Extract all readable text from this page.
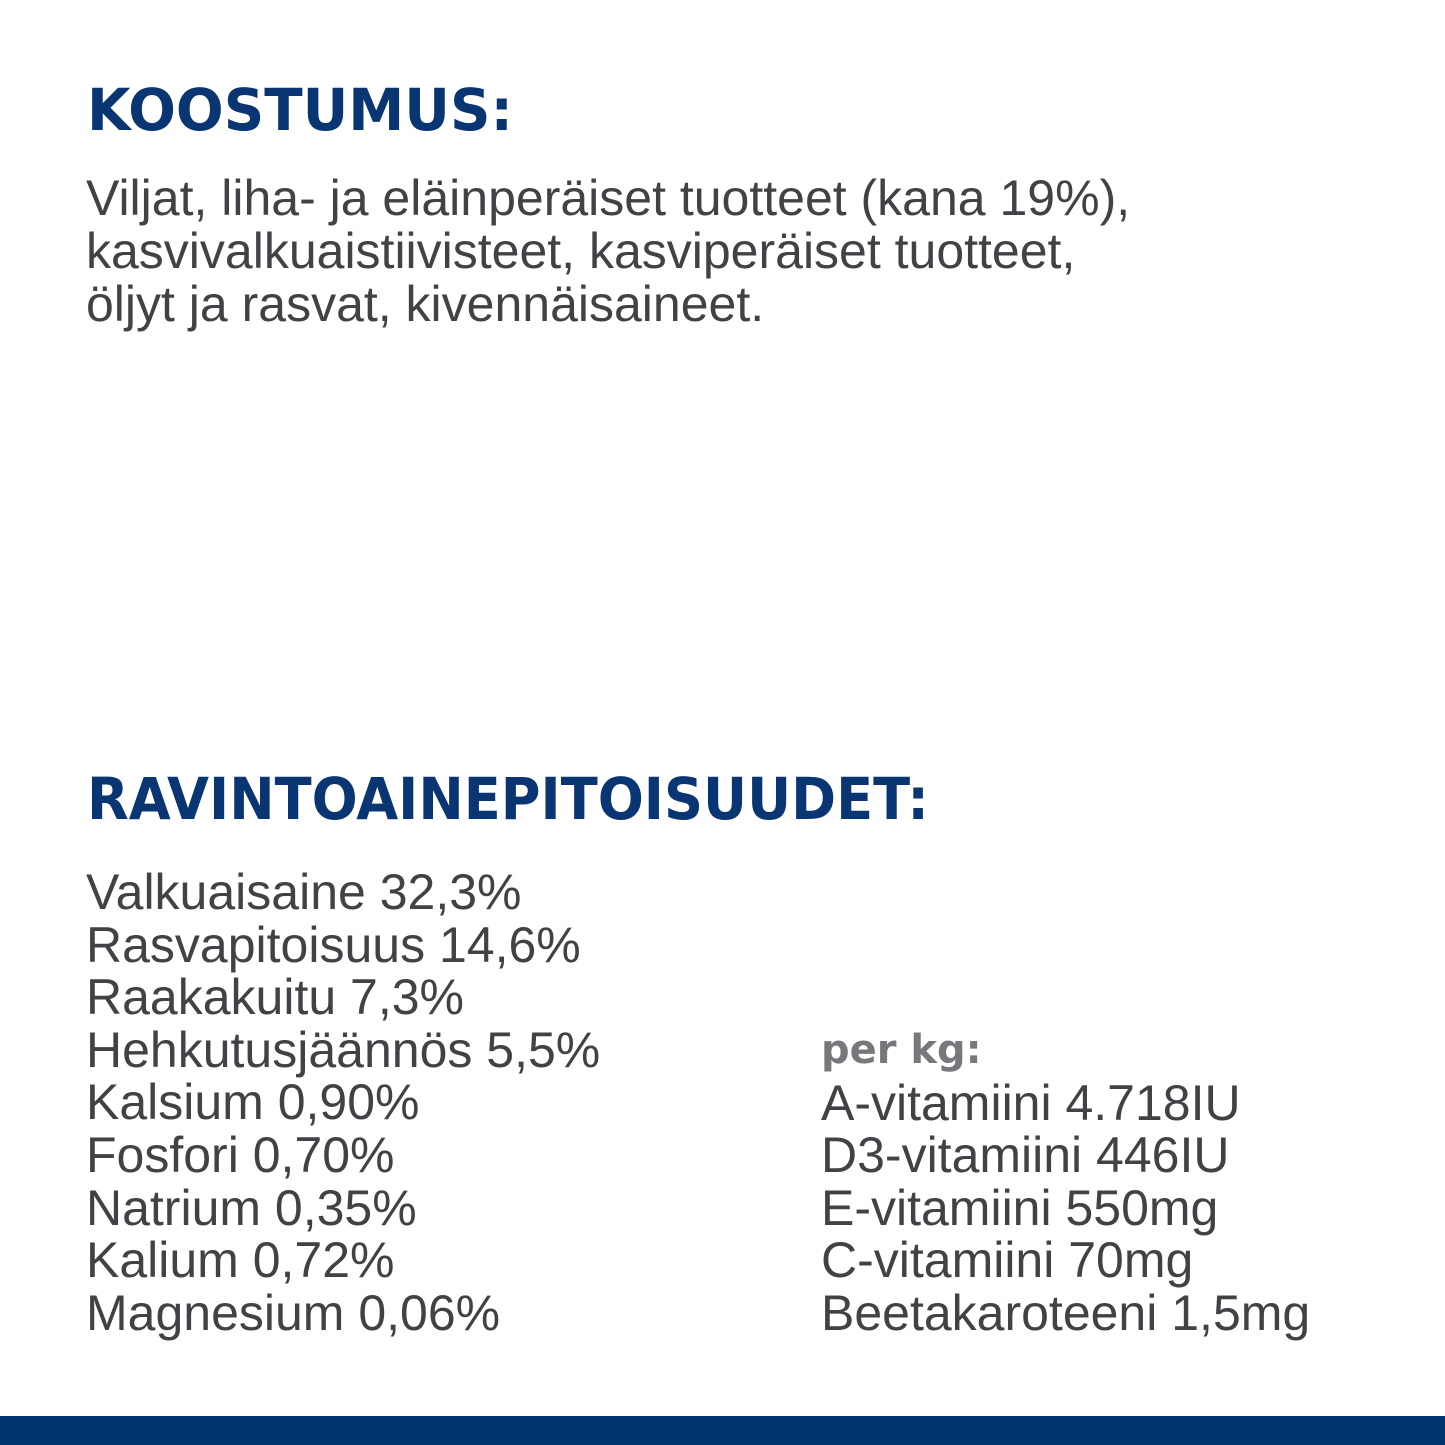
KOOSTUMUS:

Viljat, liha- ja eläinperäiset tuotteet (kana 19%),
kasvivalkuaistiivisteet, kasviperäiset tuotteet,
öljyt ja rasvat, kivennäisaineet.

RAVINTOAINEPITOISUUDET:
Valkuaisaine 32,3%
Rasvapitoisuus 14,6%
Raakakuitu 7,3%
Hehkutusjäännös 5,5%
Kalsium 0,90%
Fosfori 0,70%
Natrium 0,35%
Kalium 0,72%
Magnesium 0,06%
per kg:
A-vitamiini 4.718IU
D3-vitamiini 446IU
E-vitamiini 550mg
C-vitamiini 70mg
Beetakaroteeni 1,5mg
